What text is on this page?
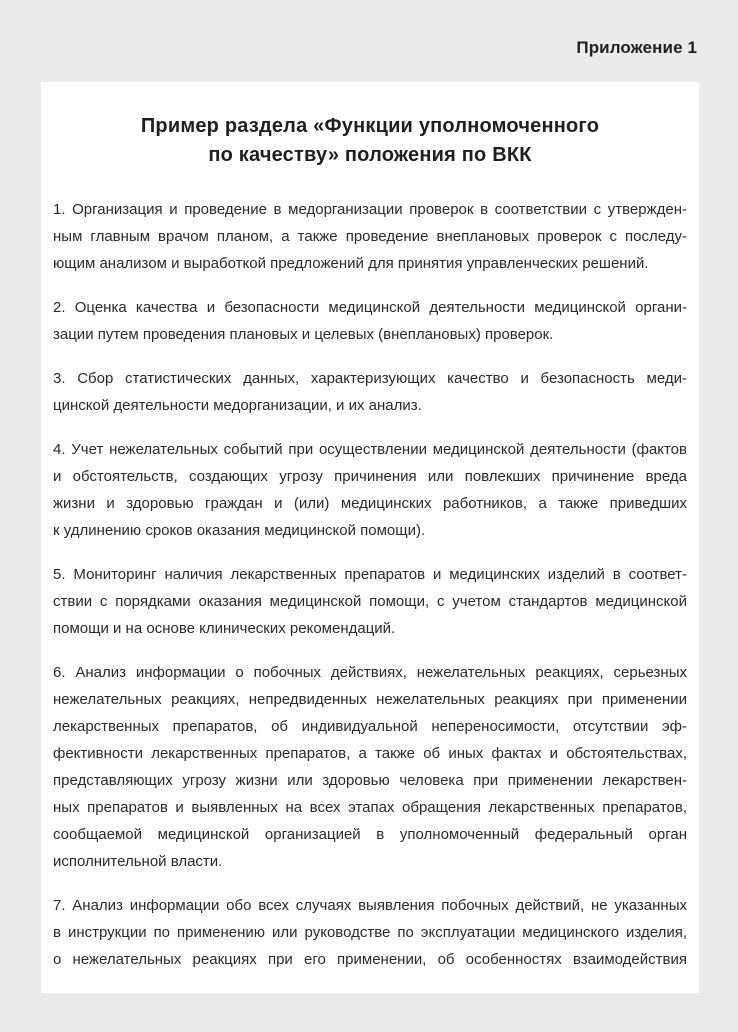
Приложение 1
Пример раздела «Функции уполномоченного
по качеству» положения по ВКК
1. Организация и проведение в медорганизации проверок в соответствии с утвержден-
ным главным врачом планом, а также проведение внеплановых проверок с последу-
ющим анализом и выработкой предложений для принятия управленческих решений.
2. Оценка качества и безопасности медицинской деятельности медицинской органи-
зации путем проведения плановых и целевых (внеплановых) проверок.
3. Сбор статистических данных, характеризующих качество и безопасность меди-
цинской деятельности медорганизации, и их анализ.
4. Учет нежелательных событий при осуществлении медицинской деятельности (фактов
и обстоятельств, создающих угрозу причинения или повлекших причинение вреда
жизни и здоровью граждан и (или) медицинских работников, а также приведших
к удлинению сроков оказания медицинской помощи).
5. Мониторинг наличия лекарственных препаратов и медицинских изделий в соответ-
ствии с порядками оказания медицинской помощи, с учетом стандартов медицинской
помощи и на основе клинических рекомендаций.
6. Анализ информации о побочных действиях, нежелательных реакциях, серьезных
нежелательных реакциях, непредвиденных нежелательных реакциях при применении
лекарственных препаратов, об индивидуальной непереносимости, отсутствии эф-
фективности лекарственных препаратов, а также об иных фактах и обстоятельствах,
представляющих угрозу жизни или здоровью человека при применении лекарствен-
ных препаратов и выявленных на всех этапах обращения лекарственных препаратов,
сообщаемой медицинской организацией в уполномоченный федеральный орган
исполнительной власти.
7. Анализ информации обо всех случаях выявления побочных действий, не указанных
в инструкции по применению или руководстве по эксплуатации медицинского изделия,
о нежелательных реакциях при его применении, об особенностях взаимодействия
